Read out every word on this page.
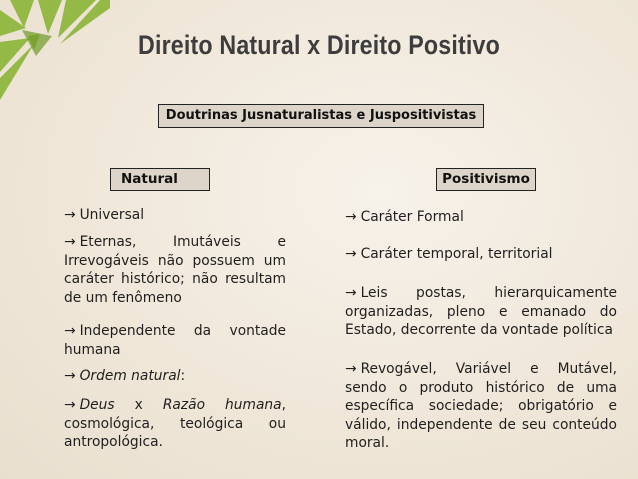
Direito Natural x Direito Positivo
Doutrinas Jusnaturalistas e Juspositivistas
Natural	Positivismo
→ Universal
→ Eternas, Imutáveis e Irrevogáveis não possuem um caráter histórico; não resultam de um fenômeno
→ Independente da vontade humana
→ Ordem natural:
→ Deus x Razão humana, cosmológica, teológica ou antropológica.
→ Caráter Formal
→ Caráter temporal, territorial
→ Leis postas, hierarquicamente organizadas, pleno e emanado do Estado, decorrente da vontade política
→ Revogável, Variável e Mutável, sendo o produto histórico de uma específica sociedade; obrigatório e válido, independente de seu conteúdo moral.
